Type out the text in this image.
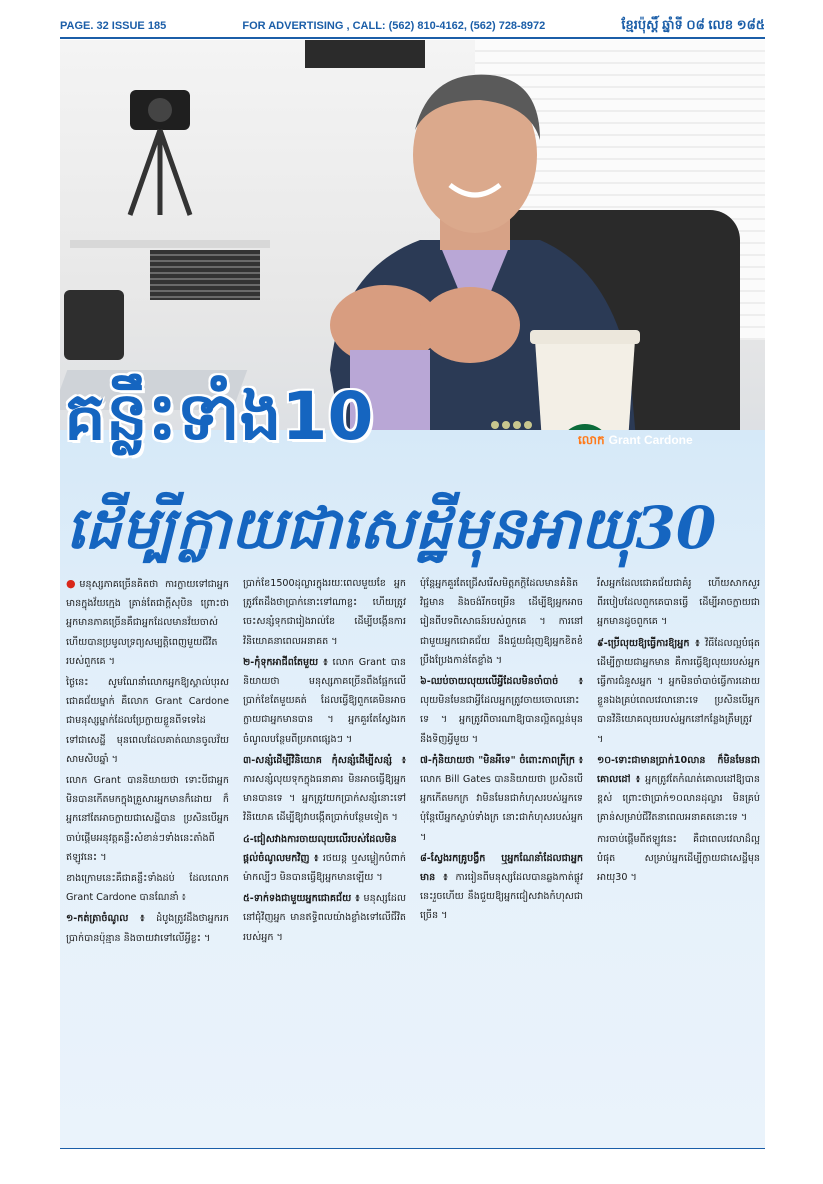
PAGE. 32 ISSUE 185	FOR ADVERTISING , CALL: (562) 810-4162, (562) 728-8972	ខ្មែរប៉ុស្តិ៍ ឆ្នាំទី ០៨ លេខ ១៨៥
គន្លឹះទាំង10	លោក Grant Cardone
ដើម្បីក្លាយជាសេដ្ឋីមុនអាយុ30

●មនុស្សភាគច្រើនគិតថា ការក្លាយទៅជាអ្នកមានក្នុងវ័យក្មេង គ្រាន់តែជាក្តីសុបិន ព្រោះថាអ្នកមានភាគច្រើនគឺជាអ្នកដែលមានវ័យចាស់ ហើយបានប្រមូលទ្រព្យសម្បត្តិពេញមួយជីវិតរបស់ពួកគេ ។

ថ្ងៃនេះ សូមណែនាំលោកអ្នកឱ្យស្គាល់បុរសជោគជ័យម្នាក់ គឺលោក Grant Cardone ជាមនុស្សម្នាក់ដែលប្រែក្លាយខ្លួនពីទទេដៃ ទៅជាសេដ្ឋី មុនពេលដែលគាត់ឈានចូលវ័យសាមសិបឆ្នាំ ។

លោក Grant បាននិយាយថា ទោះបីជាអ្នកមិនបានកើតមកក្នុងគ្រួសារអ្នកមានក៏ដោយ ក៏អ្នកនៅតែអាចក្លាយជាសេដ្ឋីបាន ប្រសិនបើអ្នកចាប់ផ្តើមអនុវត្តគន្លឹះសំខាន់ៗទាំងនេះតាំងពីឥឡូវនេះ ។

ខាងក្រោមនេះគឺជាគន្លឹះទាំងដប់ ដែលលោក Grant Cardone បានណែនាំ ៖

១-កត់ត្រាចំណូល ៖ ដំបូងត្រូវដឹងថាអ្នករកប្រាក់បានប៉ុន្មាន និងចាយវាទៅលើអ្វីខ្លះ ។

ប្រាក់ខែ1500ដុល្លារក្នុងរយៈពេលមួយខែ អ្នកត្រូវតែដឹងថាប្រាក់នោះទៅណាខ្លះ ហើយត្រូវចេះសន្សំទុកជារៀងរាល់ខែ ដើម្បីបង្កើនការវិនិយោគនាពេលអនាគត ។

២-កុំទុកអាជីពតែមួយ ៖ លោក Grant បាននិយាយថា មនុស្សភាគច្រើនពឹងផ្អែកលើប្រាក់ខែតែមួយគត់ ដែលធ្វើឱ្យពួកគេមិនអាចក្លាយជាអ្នកមានបាន ។ អ្នកគួរតែស្វែងរកចំណូលបន្ថែមពីប្រភពផ្សេងៗ ។

៣-សន្សំដើម្បីវិនិយោគ កុំសន្សំដើម្បីសន្សំ ៖ ការសន្សំលុយទុកក្នុងធនាគារ មិនអាចធ្វើឱ្យអ្នកមានបានទេ ។ អ្នកត្រូវយកប្រាក់សន្សំនោះទៅវិនិយោគ ដើម្បីឱ្យវាបង្កើតប្រាក់បន្ថែមទៀត ។

៤-ជៀសវាងការចាយលុយលើរបស់ដែលមិនផ្តល់ចំណូលមកវិញ ៖ រថយន្ត ឬសម្លៀកបំពាក់ម៉ាកល្បីៗ មិនបានធ្វើឱ្យអ្នកមានឡើយ ។

៥-ទាក់ទងជាមួយអ្នកជោគជ័យ ៖ មនុស្សដែលនៅជុំវិញអ្នក មានឥទ្ធិពលយ៉ាងខ្លាំងទៅលើជីវិតរបស់អ្នក ។

ប៉ុន្តែអ្នកគួរតែជ្រើសរើសមិត្តភក្តិដែលមានគំនិតវិជ្ជមាន និងចង់រីកចម្រើន ដើម្បីឱ្យអ្នកអាចរៀនពីបទពិសោធន៍របស់ពួកគេ ។ ការនៅជាមួយអ្នកជោគជ័យ នឹងជួយជំរុញឱ្យអ្នកខិតខំប្រឹងប្រែងកាន់តែខ្លាំង ។

៦-ឈប់ចាយលុយលើអ្វីដែលមិនចាំបាច់ ៖ លុយមិនមែនជាអ្វីដែលអ្នកត្រូវចាយចោលនោះទេ ។ អ្នកត្រូវពិចារណាឱ្យបានល្អិតល្អន់មុននឹងទិញអ្វីមួយ ។

៧-កុំនិយាយថា "មិនអីទេ" ចំពោះភាពក្រីក្រ ៖ លោក Bill Gates បាននិយាយថា ប្រសិនបើអ្នកកើតមកក្រ វាមិនមែនជាកំហុសរបស់អ្នកទេ ប៉ុន្តែបើអ្នកស្លាប់ទាំងក្រ នោះជាកំហុសរបស់អ្នក ។

៨-ស្វែងរកគ្រូបង្វឹក ឬអ្នកណែនាំដែលជាអ្នកមាន ៖ ការរៀនពីមនុស្សដែលបានឆ្លងកាត់ផ្លូវនេះរួចហើយ នឹងជួយឱ្យអ្នកជៀសវាងកំហុសជាច្រើន ។

រីសអ្នកដែលជោគជ័យជាគំរូ ហើយសាកសួរពីរបៀបដែលពួកគេបានធ្វើ ដើម្បីអាចក្លាយជាអ្នកមានដូចពួកគេ ។

៩-ប្រើលុយឱ្យធ្វើការឱ្យអ្នក ៖ វិធីដែលល្អបំផុតដើម្បីក្លាយជាអ្នកមាន គឺការធ្វើឱ្យលុយរបស់អ្នកធ្វើការជំនួសអ្នក ។ អ្នកមិនចាំបាច់ធ្វើការដោយខ្លួនឯងគ្រប់ពេលវេលានោះទេ ប្រសិនបើអ្នកបានវិនិយោគលុយរបស់អ្នកនៅកន្លែងត្រឹមត្រូវ ។

១០-ទោះជាមានប្រាក់10លាន ក៏មិនមែនជាគោលដៅ ៖ អ្នកត្រូវតែកំណត់គោលដៅឱ្យបានខ្ពស់ ព្រោះថាប្រាក់១០លានដុល្លារ មិនគ្រប់គ្រាន់សម្រាប់ជីវិតនាពេលអនាគតនោះទេ ។

ការចាប់ផ្តើមពីឥឡូវនេះ គឺជាពេលវេលាដ៏ល្អបំផុត សម្រាប់អ្នកដើម្បីក្លាយជាសេដ្ឋីមុនអាយុ30 ។
